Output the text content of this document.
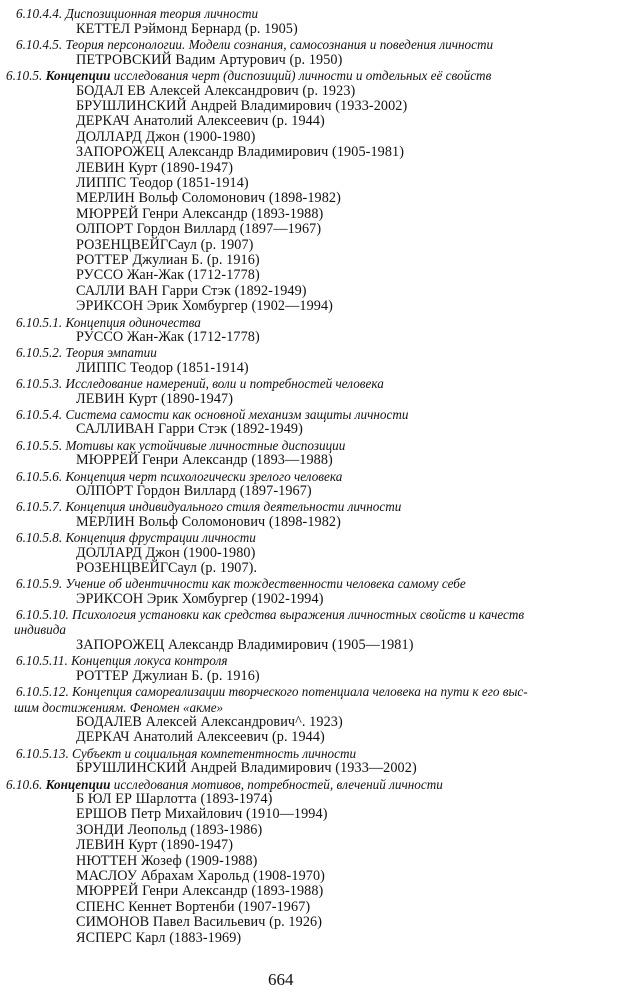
6.10.4.4. Диспозиционная теория личности
КЕТТЕЛ Рэймонд Бернард (р. 1905)
6.10.4.5. Теория персонологии. Модели сознания, самосознания и поведения личности
ПЕТРОВСКИЙ Вадим Артурович (р. 1950)
6.10.5. Концепции исследования черт (диспозиций) личности и отдельных её свойств
БОДАЛ ЕВ Алексей Александрович (р. 1923)
БРУШЛИНСКИЙ Андрей Владимирович (1933-2002)
ДЕРКАЧ Анатолий Алексеевич (р. 1944)
ДОЛЛАРД Джон (1900-1980)
ЗАПОРОЖЕЦ Александр Владимирович (1905-1981)
ЛЕВИН Курт (1890-1947)
ЛИППС Теодор (1851-1914)
МЕРЛИН Вольф Соломонович (1898-1982)
МЮРРЕЙ Генри Александр (1893-1988)
ОЛПОРТ Гордон Виллард (1897—1967)
РОЗЕНЦВЕЙГСаул (р. 1907)
РОТТЕР Джулиан Б. (р. 1916)
РУССО Жан-Жак (1712-1778)
САЛЛИ ВАН Гарри Стэк (1892-1949)
ЭРИКСОН Эрик Хомбургер (1902—1994)
6.10.5.1. Концепция одиночества
РУССО Жан-Жак (1712-1778)
6.10.5.2. Теория эмпатии
ЛИППС Теодор (1851-1914)
6.10.5.3. Исследование намерений, воли и потребностей человека
ЛЕВИН Курт (1890-1947)
6.10.5.4. Система самости как основной механизм защиты личности
САЛЛИВАН Гарри Стэк (1892-1949)
6.10.5.5. Мотивы как устойчивые личностные диспозиции
МЮРРЕЙ Генри Александр (1893—1988)
6.10.5.6. Концепция черт психологически зрелого человека
ОЛПОРТ Гордон Виллард (1897-1967)
6.10.5.7. Концепция индивидуального стиля деятельности личности
МЕРЛИН Вольф Соломонович (1898-1982)
6.10.5.8. Концепция фрустрации личности
ДОЛЛАРД Джон (1900-1980)
РОЗЕНЦВЕЙГСаул (р. 1907).
6.10.5.9. Учение об идентичности как тождественности человека самому себе
ЭРИКСОН Эрик Хомбургер (1902-1994)
6.10.5.10. Психология установки как средства выражения личностных свойств и качеств
индивида
ЗАПОРОЖЕЦ Александр Владимирович (1905—1981)
6.10.5.11. Концепция локуса контроля
РОТТЕР Джулиан Б. (р. 1916)
6.10.5.12. Концепция самореализации творческого потенциала человека на пути к его выс-
шим достижениям. Феномен «акме»
БОДАЛЕВ Алексей Александрович^. 1923)
ДЕРКАЧ Анатолий Алексеевич (р. 1944)
6.10.5.13. Субъект и социальная компетентность личности
БРУШЛИНСКИЙ Андрей Владимирович (1933—2002)
6.10.6. Концепции исследования мотивов, потребностей, влечений личности
Б ЮЛ ЕР Шарлотта (1893-1974)
ЕРШОВ Петр Михайлович (1910—1994)
ЗОНДИ Леопольд (1893-1986)
ЛЕВИН Курт (1890-1947)
НЮТТЕН Жозеф (1909-1988)
МАСЛОУ Абрахам Харольд (1908-1970)
МЮРРЕЙ Генри Александр (1893-1988)
СПЕНС Кеннет Вортенби (1907-1967)
СИМОНОВ Павел Васильевич (р. 1926)
ЯСПЕРС Карл (1883-1969)
664
